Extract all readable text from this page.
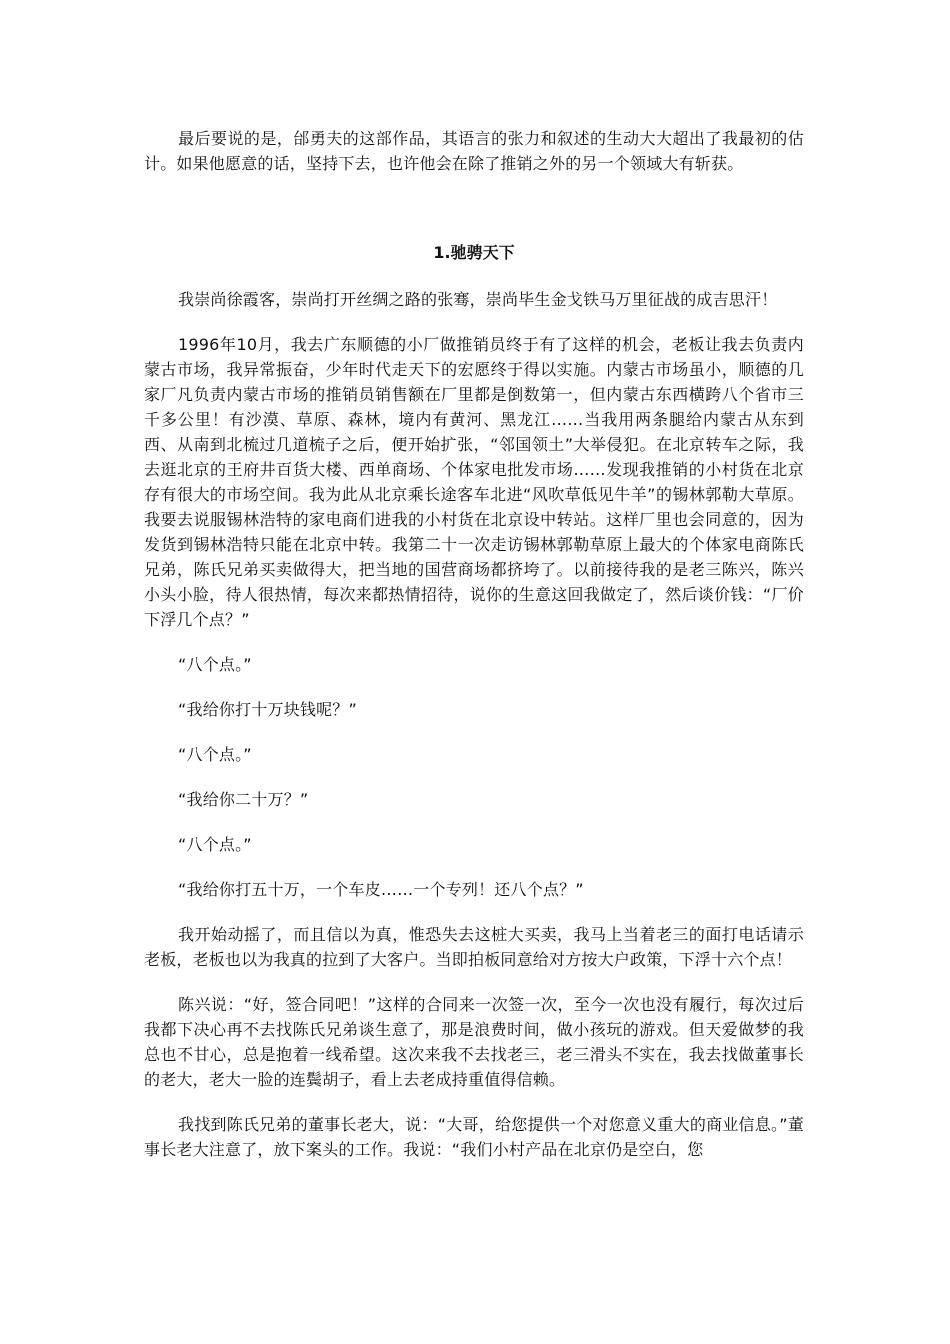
最后要说的是，邰勇夫的这部作品，其语言的张力和叙述的生动大大超出了我最初的估计。如果他愿意的话，坚持下去，也许他会在除了推销之外的另一个领域大有斩获。

1.驰骋天下

我崇尚徐霞客，崇尚打开丝绸之路的张骞，崇尚毕生金戈铁马万里征战的成吉思汗！

1996年10月，我去广东顺德的小厂做推销员终于有了这样的机会，老板让我去负责内蒙古市场，我异常振奋，少年时代走天下的宏愿终于得以实施。内蒙古市场虽小，顺德的几家厂凡负责内蒙古市场的推销员销售额在厂里都是倒数第一，但内蒙古东西横跨八个省市三千多公里！有沙漠、草原、森林，境内有黄河、黑龙江……当我用两条腿给内蒙古从东到西、从南到北梳过几道梳子之后，便开始扩张，“邻国领土”大举侵犯。在北京转车之际，我去逛北京的王府井百货大楼、西单商场、个体家电批发市场……发现我推销的小村货在北京存有很大的市场空间。我为此从北京乘长途客车北进“风吹草低见牛羊”的锡林郭勒大草原。我要去说服锡林浩特的家电商们进我的小村货在北京设中转站。这样厂里也会同意的，因为发货到锡林浩特只能在北京中转。我第二十一次走访锡林郭勒草原上最大的个体家电商陈氏兄弟，陈氏兄弟买卖做得大，把当地的国营商场都挤垮了。以前接待我的是老三陈兴，陈兴小头小脸，待人很热情，每次来都热情招待，说你的生意这回我做定了，然后谈价钱：“厂价下浮几个点？”

“八个点。”

“我给你打十万块钱呢？”

“八个点。”

“我给你二十万？”

“八个点。”

“我给你打五十万，一个车皮……一个专列！还八个点？”

我开始动摇了，而且信以为真，惟恐失去这桩大买卖，我马上当着老三的面打电话请示老板，老板也以为我真的拉到了大客户。当即拍板同意给对方按大户政策，下浮十六个点！

陈兴说：“好，签合同吧！”这样的合同来一次签一次，至今一次也没有履行，每次过后我都下决心再不去找陈氏兄弟谈生意了，那是浪费时间，做小孩玩的游戏。但天爱做梦的我总也不甘心，总是抱着一线希望。这次来我不去找老三，老三滑头不实在，我去找做董事长的老大，老大一脸的连鬓胡子，看上去老成持重值得信赖。

我找到陈氏兄弟的董事长老大，说：“大哥，给您提供一个对您意义重大的商业信息。”董事长老大注意了，放下案头的工作。我说：“我们小村产品在北京仍是空白，您
